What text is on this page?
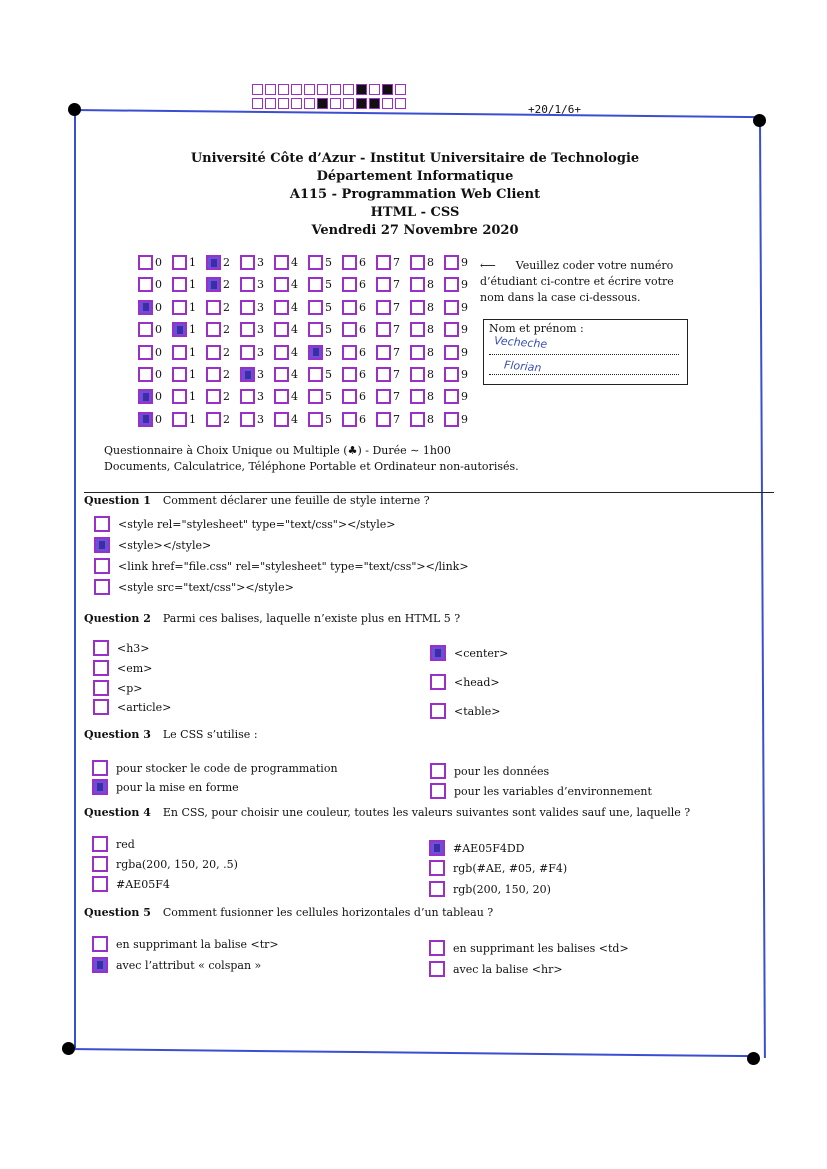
+20/1/6+
Université Côte d’Azur - Institut Universitaire de Technologie
Département Informatique
A115 - Programmation Web Client
HTML - CSS
Vendredi 27 Novembre 2020
0 1 2 3 4 5 6 7 8 9
0 1 2 3 4 5 6 7 8 9
0 1 2 3 4 5 6 7 8 9
0 1 2 3 4 5 6 7 8 9
0 1 2 3 4 5 6 7 8 9
0 1 2 3 4 5 6 7 8 9
0 1 2 3 4 5 6 7 8 9
0 1 2 3 4 5 6 7 8 9
⟵ Veuillez coder votre numéro d’étudiant ci-contre et écrire votre nom dans la case ci-dessous.
Nom et prénom :
Vecheche
Florian
Questionnaire à Choix Unique ou Multiple (♣) - Durée ∼ 1h00
Documents, Calculatrice, Téléphone Portable et Ordinateur non-autorisés.
Question 1 Comment déclarer une feuille de style interne ?
<style rel="stylesheet" type="text/css"></style>
<style></style>
<link href="file.css" rel="stylesheet" type="text/css"></link>
<style src="text/css"></style>
Question 2 Parmi ces balises, laquelle n’existe plus en HTML 5 ?
<h3>
<em>
<p>
<article>
<center>
<head>
<table>
Question 3 Le CSS s’utilise :
pour stocker le code de programmation
pour la mise en forme
pour les données
pour les variables d’environnement
Question 4 En CSS, pour choisir une couleur, toutes les valeurs suivantes sont valides sauf une, laquelle ?
red
rgba(200, 150, 20, .5)
#AE05F4
#AE05F4DD
rgb(#AE, #05, #F4)
rgb(200, 150, 20)
Question 5 Comment fusionner les cellules horizontales d’un tableau ?
en supprimant la balise <tr>
avec l’attribut « colspan »
en supprimant les balises <td>
avec la balise <hr>
